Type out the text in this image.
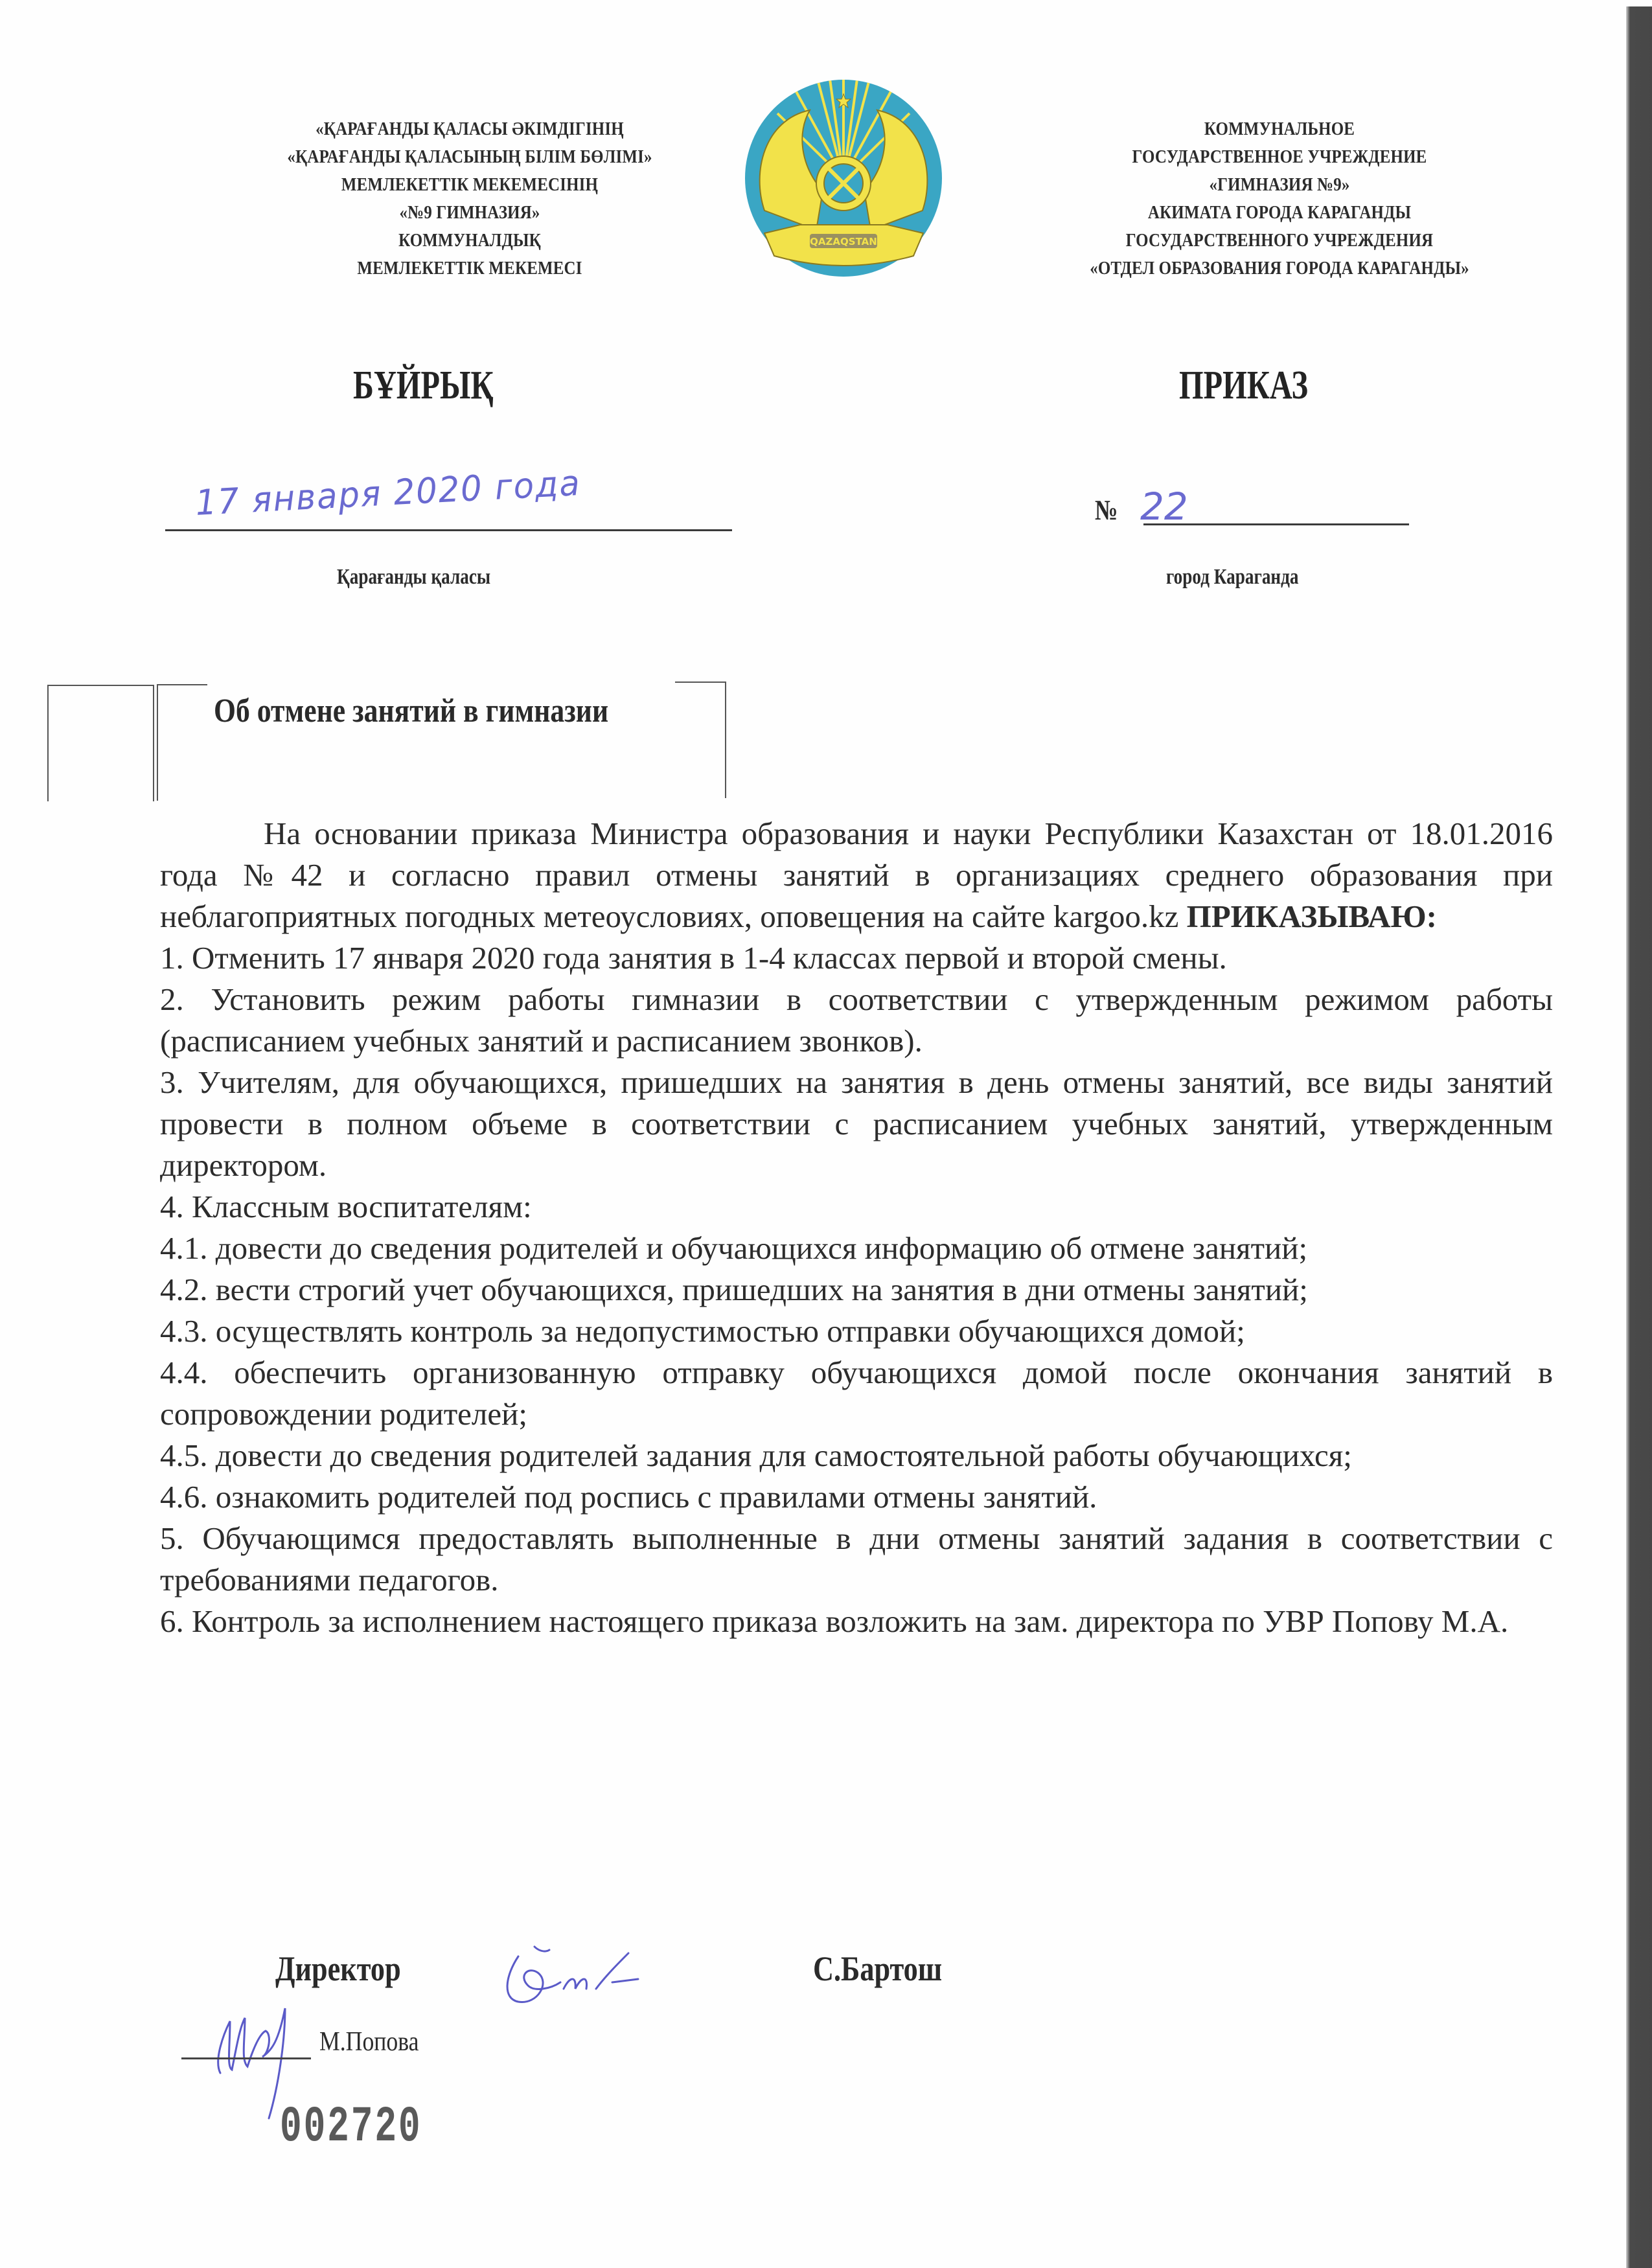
«ҚАРАҒАНДЫ ҚАЛАСЫ ӘКІМДІГІНІҢ
«ҚАРАҒАНДЫ ҚАЛАСЫНЫҢ БІЛІМ БӨЛІМІ»
МЕМЛЕКЕТТІК МЕКЕМЕСІНІҢ
«№9 ГИМНАЗИЯ»
КОММУНАЛДЫҚ
МЕМЛЕКЕТТІК МЕКЕМЕСІ
QAZAQSTAN
КОММУНАЛЬНОЕ
ГОСУДАРСТВЕННОЕ УЧРЕЖДЕНИЕ
«ГИМНАЗИЯ №9»
АКИМАТА ГОРОДА КАРАГАНДЫ
ГОСУДАРСТВЕННОГО УЧРЕЖДЕНИЯ
«ОТДЕЛ ОБРАЗОВАНИЯ ГОРОДА КАРАГАНДЫ»
БҰЙРЫҚ	ПРИКАЗ
17 января 2020 года	№ 22
Қарағанды қаласы	город Караганда
Об отмене занятий в гимназии

На основании приказа Министра образования и науки Республики Казахстан от 18.01.2016 года №42 и согласно правил отмены занятий в организациях среднего образования при неблагоприятных погодных метеоусловиях, оповещения на сайте kargoo.kz ПРИКАЗЫВАЮ:

1. Отменить 17 января 2020 года занятия в 1-4 классах первой и второй смены.

2. Установить режим работы гимназии в соответствии с утвержденным режимом работы (расписанием учебных занятий и расписанием звонков).

3. Учителям, для обучающихся, пришедших на занятия в день отмены занятий, все виды занятий провести в полном объеме в соответствии с расписанием учебных занятий, утвержденным директором.

4. Классным воспитателям:

4.1. довести до сведения родителей и обучающихся информацию об отмене занятий;

4.2. вести строгий учет обучающихся, пришедших на занятия в дни отмены занятий;

4.3. осуществлять контроль за недопустимостью отправки обучающихся домой;

4.4. обеспечить организованную отправку обучающихся домой после окончания занятий в сопровождении родителей;

4.5. довести до сведения родителей задания для самостоятельной работы обучающихся;

4.6. ознакомить родителей под роспись с правилами отмены занятий.

5. Обучающимся предоставлять выполненные в дни отмены занятий задания в соответствии с требованиями педагогов.

6. Контроль за исполнением настоящего приказа возложить на зам. директора по УВР Попову М.А.

Директор	С.Бартош
М.Попова
002720
